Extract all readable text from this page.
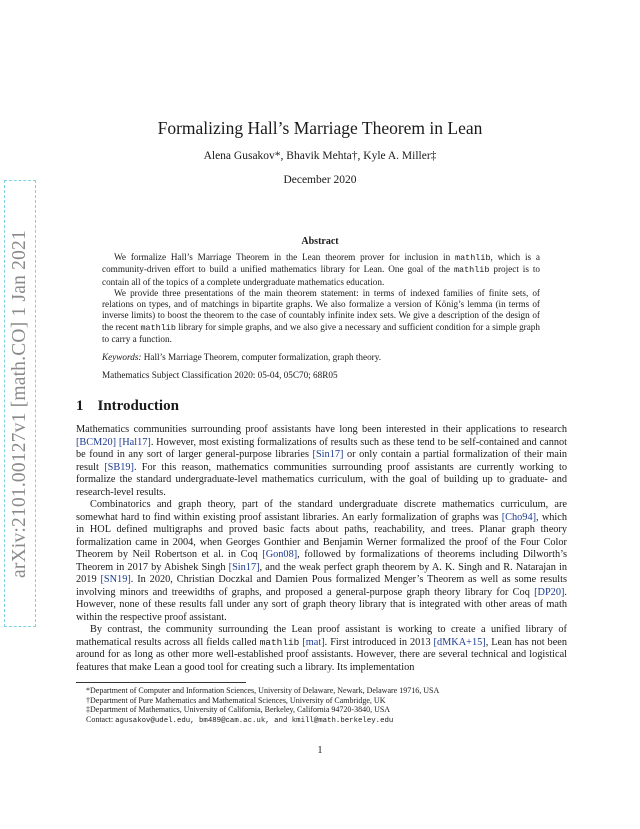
arXiv:2101.00127v1 [math.CO] 1 Jan 2021
Formalizing Hall’s Marriage Theorem in Lean
Alena Gusakov*, Bhavik Mehta†, Kyle A. Miller‡
December 2020
Abstract

We formalize Hall’s Marriage Theorem in the Lean theorem prover for inclusion in mathlib, which is a community-driven effort to build a unified mathematics library for Lean. One goal of the mathlib project is to contain all of the topics of a complete undergraduate mathematics education.

We provide three presentations of the main theorem statement: in terms of indexed families of finite sets, of relations on types, and of matchings in bipartite graphs. We also formalize a version of König’s lemma (in terms of inverse limits) to boost the theorem to the case of countably infinite index sets. We give a description of the design of the recent mathlib library for simple graphs, and we also give a necessary and sufficient condition for a simple graph to carry a function.

Keywords: Hall’s Marriage Theorem, computer formalization, graph theory.
Mathematics Subject Classification 2020: 05-04, 05C70; 68R05
1 Introduction

Mathematics communities surrounding proof assistants have long been interested in their applications to research [BCM20] [Hal17]. However, most existing formalizations of results such as these tend to be self-contained and cannot be found in any sort of larger general-purpose libraries [Sin17] or only contain a partial formalization of their main result [SB19]. For this reason, mathematics communities surrounding proof assistants are currently working to formalize the standard undergraduate-level mathematics curriculum, with the goal of building up to graduate- and research-level results.

Combinatorics and graph theory, part of the standard undergraduate discrete mathematics curriculum, are somewhat hard to find within existing proof assistant libraries. An early formalization of graphs was [Cho94], which in HOL defined multigraphs and proved basic facts about paths, reachability, and trees. Planar graph theory formalization came in 2004, when Georges Gonthier and Benjamin Werner formalized the proof of the Four Color Theorem by Neil Robertson et al. in Coq [Gon08], followed by formalizations of theorems including Dilworth’s Theorem in 2017 by Abishek Singh [Sin17], and the weak perfect graph theorem by A. K. Singh and R. Natarajan in 2019 [SN19]. In 2020, Christian Doczkal and Damien Pous formalized Menger’s Theorem as well as some results involving minors and treewidths of graphs, and proposed a general-purpose graph theory library for Coq [DP20]. However, none of these results fall under any sort of graph theory library that is integrated with other areas of math within the respective proof assistant.

By contrast, the community surrounding the Lean proof assistant is working to create a unified library of mathematical results across all fields called mathlib [mat]. First introduced in 2013 [dMKA+15], Lean has not been around for as long as other more well-established proof assistants. However, there are several technical and logistical features that make Lean a good tool for creating such a library. Its implementation

*Department of Computer and Information Sciences, University of Delaware, Newark, Delaware 19716, USA
†Department of Pure Mathematics and Mathematical Sciences, University of Cambridge, UK
‡Department of Mathematics, University of California, Berkeley, California 94720-3840, USA
Contact: agusakov@udel.edu, bm489@cam.ac.uk, and kmill@math.berkeley.edu
1
